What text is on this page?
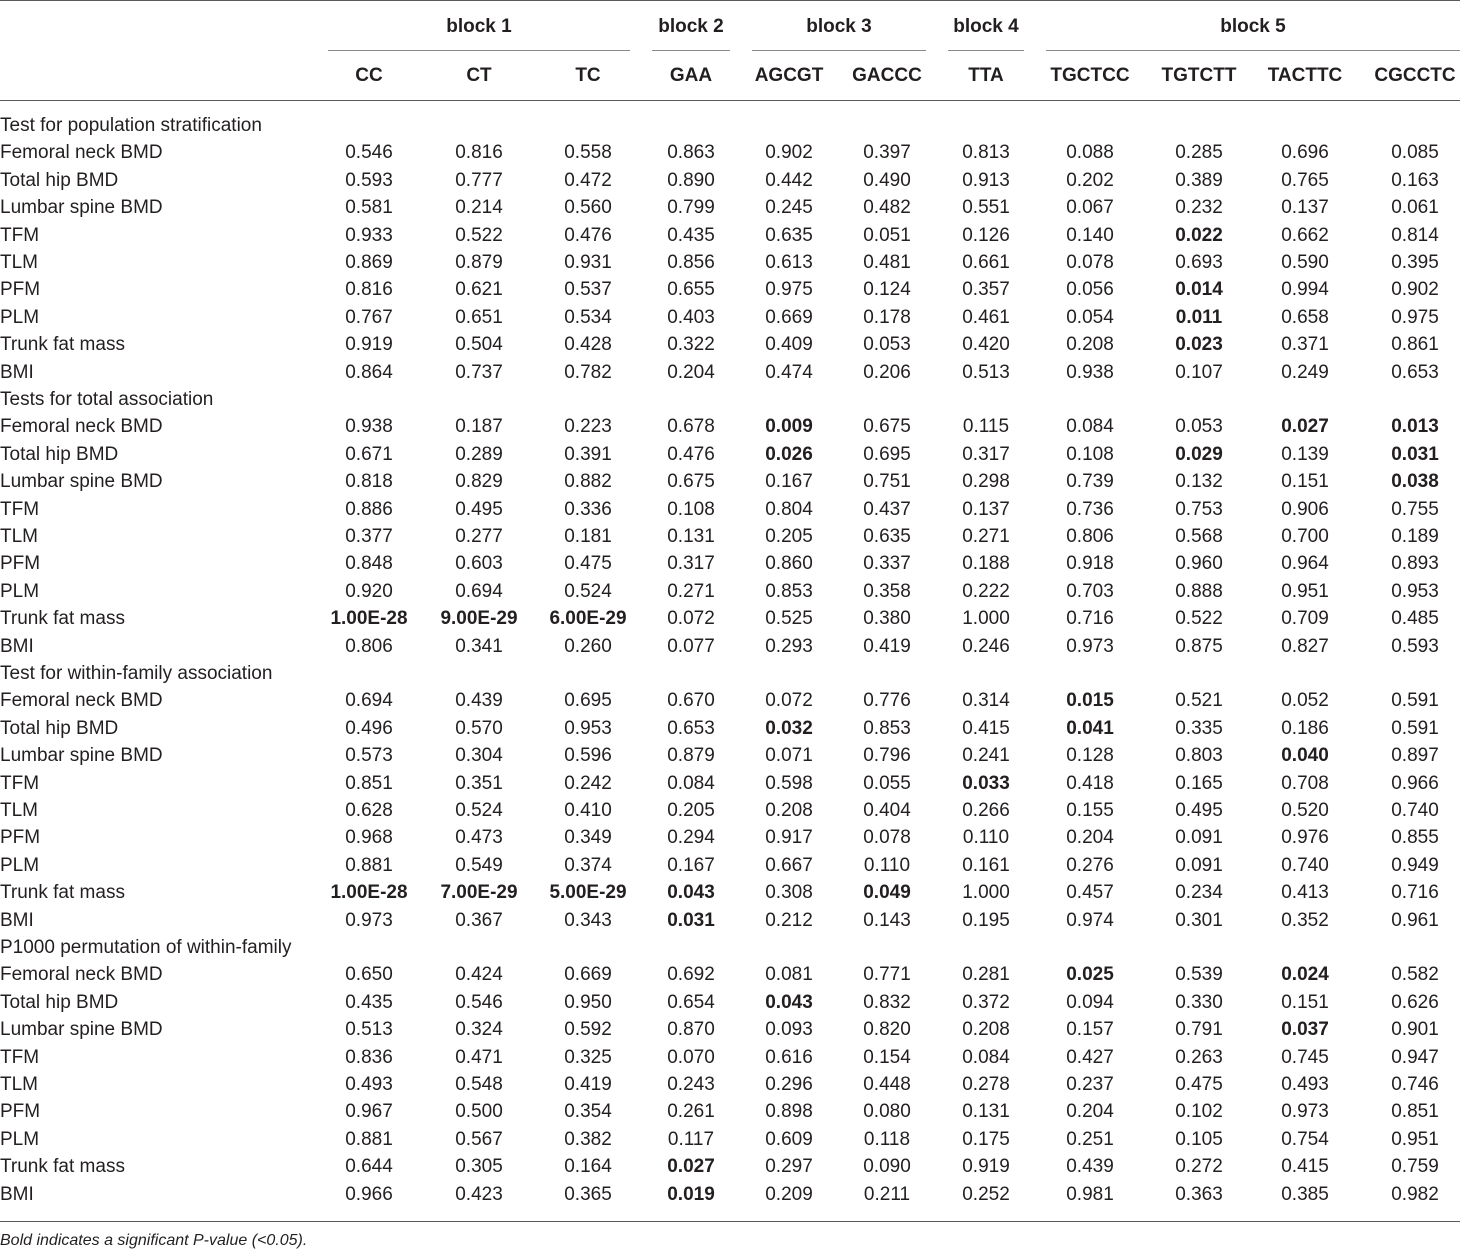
block 1	block 2	block 3	block 4	block 5
CC	CT	TC	GAA	AGCGT	GACCC	TTA	TGCTCC	TGTCTT	TACTTC	CGCCTC
Test for population stratification
Femoral neck BMD	0.546	0.816	0.558	0.863	0.902	0.397	0.813	0.088	0.285	0.696	0.085
Total hip BMD	0.593	0.777	0.472	0.890	0.442	0.490	0.913	0.202	0.389	0.765	0.163
Lumbar spine BMD	0.581	0.214	0.560	0.799	0.245	0.482	0.551	0.067	0.232	0.137	0.061
TFM	0.933	0.522	0.476	0.435	0.635	0.051	0.126	0.140	0.022	0.662	0.814
TLM	0.869	0.879	0.931	0.856	0.613	0.481	0.661	0.078	0.693	0.590	0.395
PFM	0.816	0.621	0.537	0.655	0.975	0.124	0.357	0.056	0.014	0.994	0.902
PLM	0.767	0.651	0.534	0.403	0.669	0.178	0.461	0.054	0.011	0.658	0.975
Trunk fat mass	0.919	0.504	0.428	0.322	0.409	0.053	0.420	0.208	0.023	0.371	0.861
BMI	0.864	0.737	0.782	0.204	0.474	0.206	0.513	0.938	0.107	0.249	0.653
Tests for total association
Femoral neck BMD	0.938	0.187	0.223	0.678	0.009	0.675	0.115	0.084	0.053	0.027	0.013
Total hip BMD	0.671	0.289	0.391	0.476	0.026	0.695	0.317	0.108	0.029	0.139	0.031
Lumbar spine BMD	0.818	0.829	0.882	0.675	0.167	0.751	0.298	0.739	0.132	0.151	0.038
TFM	0.886	0.495	0.336	0.108	0.804	0.437	0.137	0.736	0.753	0.906	0.755
TLM	0.377	0.277	0.181	0.131	0.205	0.635	0.271	0.806	0.568	0.700	0.189
PFM	0.848	0.603	0.475	0.317	0.860	0.337	0.188	0.918	0.960	0.964	0.893
PLM	0.920	0.694	0.524	0.271	0.853	0.358	0.222	0.703	0.888	0.951	0.953
Trunk fat mass	1.00E-28	9.00E-29	6.00E-29	0.072	0.525	0.380	1.000	0.716	0.522	0.709	0.485
BMI	0.806	0.341	0.260	0.077	0.293	0.419	0.246	0.973	0.875	0.827	0.593
Test for within-family association
Femoral neck BMD	0.694	0.439	0.695	0.670	0.072	0.776	0.314	0.015	0.521	0.052	0.591
Total hip BMD	0.496	0.570	0.953	0.653	0.032	0.853	0.415	0.041	0.335	0.186	0.591
Lumbar spine BMD	0.573	0.304	0.596	0.879	0.071	0.796	0.241	0.128	0.803	0.040	0.897
TFM	0.851	0.351	0.242	0.084	0.598	0.055	0.033	0.418	0.165	0.708	0.966
TLM	0.628	0.524	0.410	0.205	0.208	0.404	0.266	0.155	0.495	0.520	0.740
PFM	0.968	0.473	0.349	0.294	0.917	0.078	0.110	0.204	0.091	0.976	0.855
PLM	0.881	0.549	0.374	0.167	0.667	0.110	0.161	0.276	0.091	0.740	0.949
Trunk fat mass	1.00E-28	7.00E-29	5.00E-29	0.043	0.308	0.049	1.000	0.457	0.234	0.413	0.716
BMI	0.973	0.367	0.343	0.031	0.212	0.143	0.195	0.974	0.301	0.352	0.961
P1000 permutation of within-family
Femoral neck BMD	0.650	0.424	0.669	0.692	0.081	0.771	0.281	0.025	0.539	0.024	0.582
Total hip BMD	0.435	0.546	0.950	0.654	0.043	0.832	0.372	0.094	0.330	0.151	0.626
Lumbar spine BMD	0.513	0.324	0.592	0.870	0.093	0.820	0.208	0.157	0.791	0.037	0.901
TFM	0.836	0.471	0.325	0.070	0.616	0.154	0.084	0.427	0.263	0.745	0.947
TLM	0.493	0.548	0.419	0.243	0.296	0.448	0.278	0.237	0.475	0.493	0.746
PFM	0.967	0.500	0.354	0.261	0.898	0.080	0.131	0.204	0.102	0.973	0.851
PLM	0.881	0.567	0.382	0.117	0.609	0.118	0.175	0.251	0.105	0.754	0.951
Trunk fat mass	0.644	0.305	0.164	0.027	0.297	0.090	0.919	0.439	0.272	0.415	0.759
BMI	0.966	0.423	0.365	0.019	0.209	0.211	0.252	0.981	0.363	0.385	0.982
Bold indicates a significant P-value (<0.05).
